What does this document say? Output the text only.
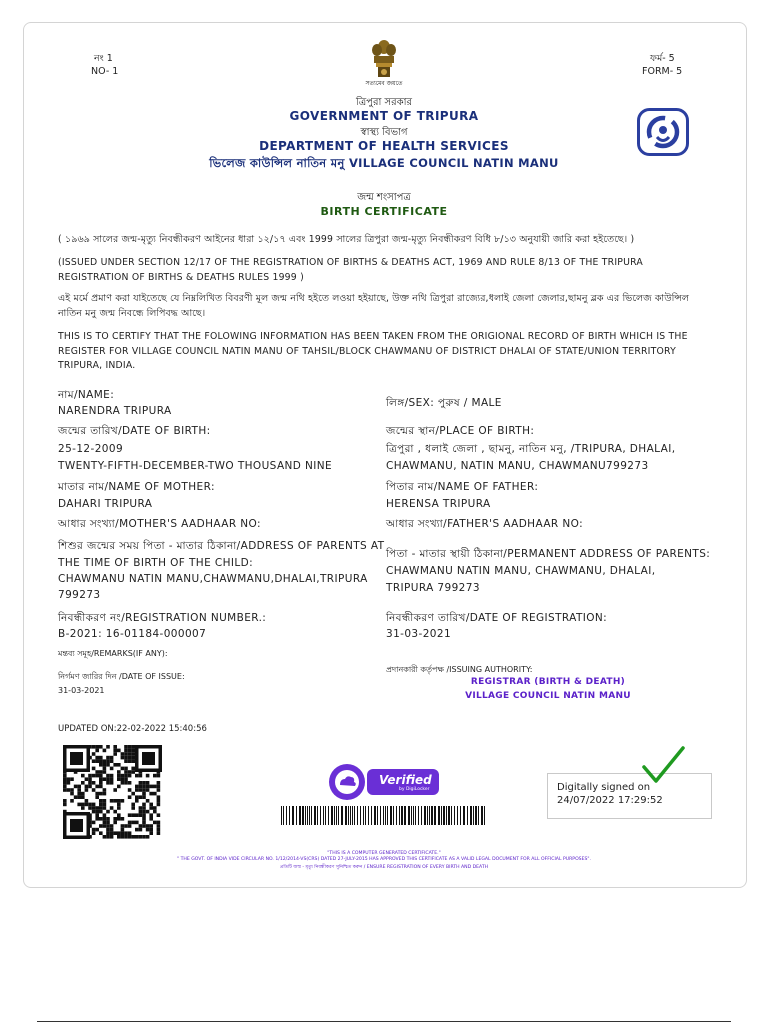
নং 1
NO- 1
ফর্ম- 5
FORM- 5
সত্যমেব জয়তে
ত্রিপুরা সরকার
GOVERNMENT OF TRIPURA
স্বাস্থ্য বিভাগ
DEPARTMENT OF HEALTH SERVICES
ভিলেজ কাউন্সিল নাতিন মনু VILLAGE COUNCIL NATIN MANU
জন্ম শংসাপত্র
BIRTH CERTIFICATE
( ১৯৬৯ সালের জন্ম-মৃত্যু নিবন্ধীকরণ আইনের ধারা ১২/১৭ এবং 1999 সালের ত্রিপুরা জন্ম-মৃত্যু নিবন্ধীকরণ বিধি ৮/১৩ অনুযায়ী জারি করা হইতেছে। )
(ISSUED UNDER SECTION 12/17 OF THE REGISTRATION OF BIRTHS & DEATHS ACT, 1969 AND RULE 8/13 OF THE TRIPURA REGISTRATION OF BIRTHS & DEATHS RULES 1999 )
এই মর্মে প্রমাণ করা যাইতেছে যে নিম্নলিখিত বিবরণী মূল জন্ম নথি হইতে লওয়া হইয়াছে, উক্ত নথি ত্রিপুরা রাজ্যের,ধলাই জেলা জেলার,ছামনু ব্লক এর ভিলেজ কাউন্সিল নাতিন মনু জন্ম নিবন্ধে লিপিবদ্ধ আছে।
THIS IS TO CERTIFY THAT THE FOLOWING INFORMATION HAS BEEN TAKEN FROM THE ORIGIONAL RECORD OF BIRTH WHICH IS THE REGISTER FOR VILLAGE COUNCIL NATIN MANU OF TAHSIL/BLOCK CHAWMANU OF DISTRICT DHALAI OF STATE/UNION TERRITORY TRIPURA, INDIA.
নাম/NAME:
NARENDRA TRIPURA
জন্মের তারিখ/DATE OF BIRTH:
25-12-2009
TWENTY-FIFTH-DECEMBER-TWO THOUSAND NINE
মাতার নাম/NAME OF MOTHER:
DAHARI TRIPURA
আধার সংখ্যা/MOTHER'S AADHAAR NO:
শিশুর জন্মের সময় পিতা - মাতার ঠিকানা/ADDRESS OF PARENTS AT
THE TIME OF BIRTH OF THE CHILD:
CHAWMANU NATIN MANU,CHAWMANU,DHALAI,TRIPURA
799273
নিবন্ধীকরণ নং/REGISTRATION NUMBER.:
B-2021: 16-01184-000007
মন্তব্য সমূহ/REMARKS(IF ANY):
নির্গমণ জারির দিন /DATE OF ISSUE:
31-03-2021
লিঙ্গ/SEX: পুরুষ / MALE
জন্মের স্থান/PLACE OF BIRTH:
ত্রিপুরা , ধলাই জেলা , ছামনু, নাতিন মনু, /TRIPURA, DHALAI,
CHAWMANU, NATIN MANU, CHAWMANU799273
পিতার নাম/NAME OF FATHER:
HERENSA TRIPURA
আধার সংখ্যা/FATHER'S AADHAAR NO:
পিতা - মাতার স্থায়ী ঠিকানা/PERMANENT ADDRESS OF PARENTS:
CHAWMANU NATIN MANU, CHAWMANU, DHALAI,
TRIPURA 799273
নিবন্ধীকরণ তারিখ/DATE OF REGISTRATION:
31-03-2021
প্রদানকারী কর্তৃপক্ষ /ISSUING AUTHORITY:
REGISTRAR (BIRTH & DEATH)
VILLAGE COUNCIL NATIN MANU
UPDATED ON:22-02-2022 15:40:56
Verified
by DigiLocker	Digitally signed on
24/07/2022 17:29:52
"THIS IS A COMPUTER GENERATED CERTIFICATE."
" THE GOVT. OF INDIA VIDE CIRCULAR NO. 1/12/2014-VS(CRS) DATED 27-JULY-2015 HAS APPROVED THIS CERTIFICATE AS A VALID LEGAL DOCUMENT FOR ALL OFFICIAL PURPOSES".
প্রতিটি জন্ম - মৃত্যু নিবন্ধীকরণ সুনিশ্চিত করুন / ENSURE REGISTRATION OF EVERY BIRTH AND DEATH
